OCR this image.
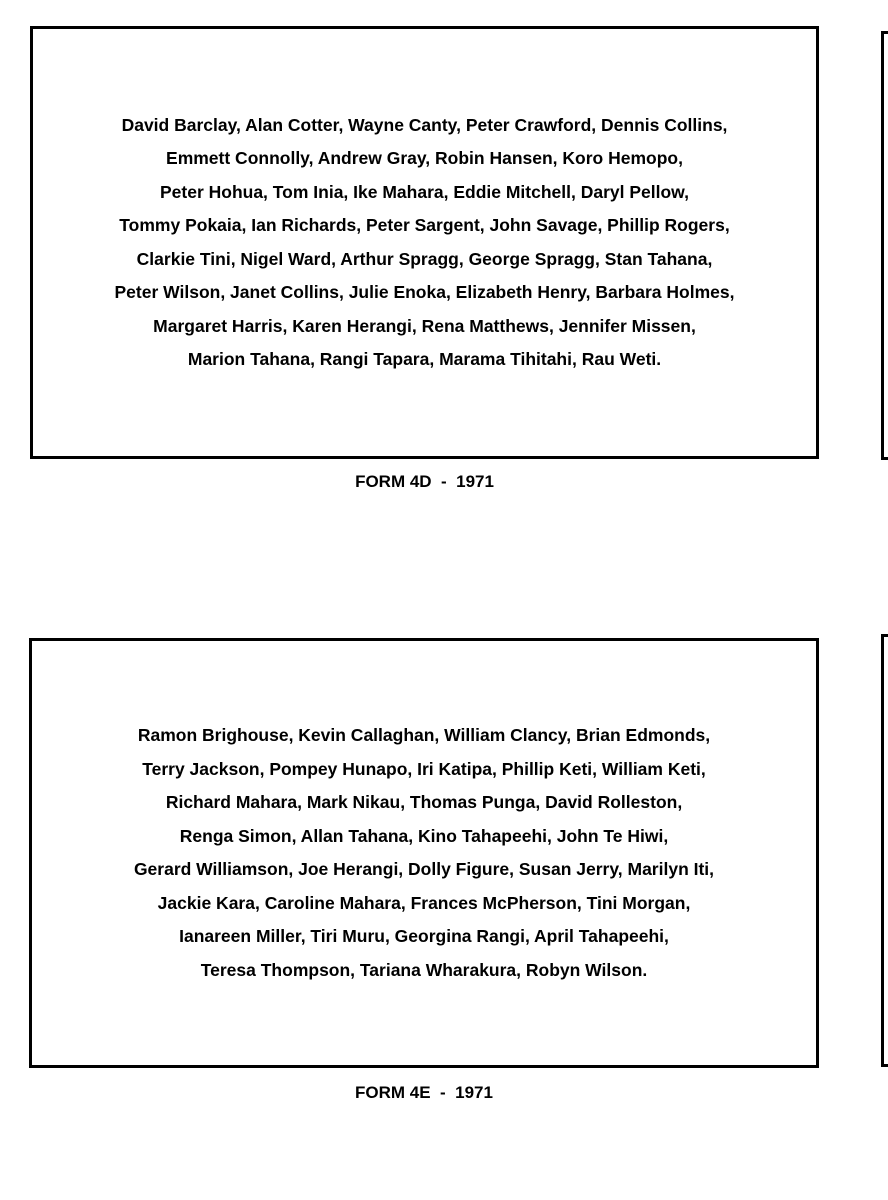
David Barclay, Alan Cotter, Wayne Canty, Peter Crawford, Dennis Collins,

Emmett Connolly, Andrew Gray, Robin Hansen, Koro Hemopo,

Peter Hohua, Tom Inia, Ike Mahara, Eddie Mitchell, Daryl Pellow,

Tommy Pokaia, Ian Richards, Peter Sargent, John Savage, Phillip Rogers,

Clarkie Tini, Nigel Ward, Arthur Spragg, George Spragg, Stan Tahana,

Peter Wilson, Janet Collins, Julie Enoka, Elizabeth Henry, Barbara Holmes,

Margaret Harris, Karen Herangi, Rena Matthews, Jennifer Missen,

Marion Tahana, Rangi Tapara, Marama Tihitahi, Rau Weti.

FORM 4D  -  1971

Ramon Brighouse, Kevin Callaghan, William Clancy, Brian Edmonds,

Terry Jackson, Pompey Hunapo, Iri Katipa, Phillip Keti, William Keti,

Richard Mahara, Mark Nikau, Thomas Punga, David Rolleston,

Renga Simon, Allan Tahana, Kino Tahapeehi, John Te Hiwi,

Gerard Williamson, Joe Herangi, Dolly Figure, Susan Jerry, Marilyn Iti,

Jackie Kara, Caroline Mahara, Frances McPherson, Tini Morgan,

Ianareen Miller, Tiri Muru, Georgina Rangi, April Tahapeehi,

Teresa Thompson, Tariana Wharakura, Robyn Wilson.

FORM 4E  -  1971
